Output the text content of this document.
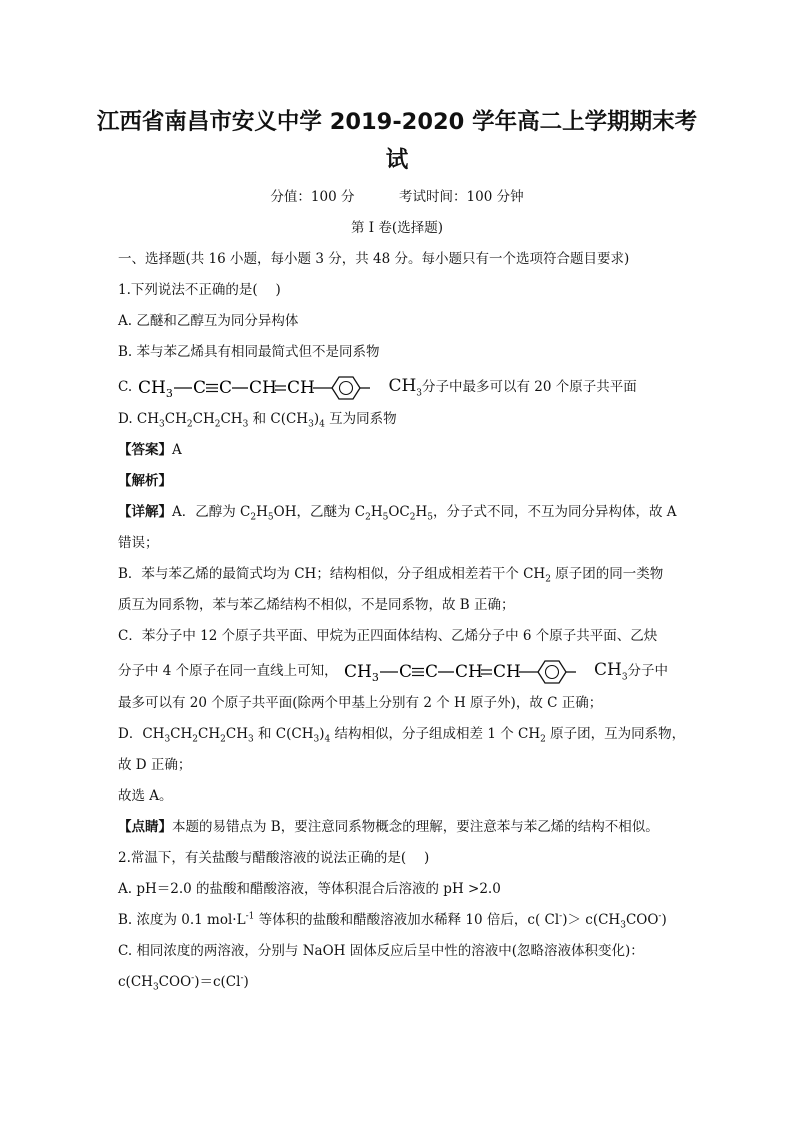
江西省南昌市安义中学 2019-2020 学年高二上学期期末考
试
分值：100 分	考试时间：100 分钟
第 I 卷(选择题)
一、选择题(共 16 小题，每小题 3 分，共 48 分。每小题只有一个选项符合题目要求)
1.下列说法不正确的是(　 )
A. 乙醚和乙醇互为同分异构体
B. 苯与苯乙烯具有相同最简式但不是同系物
C. $CH_3$ C C CH CH	$CH_3$分子中最多可以有 20 个原子共平面
D. $CH_3CH_2CH_2CH_3$ 和 $C(CH_3)_4$ 互为同系物
【答案】A
【解析】
【详解】A．乙醇为 $C_2H_5OH$，乙醚为 $C_2H_5OC_2H_5$，分子式不同，不互为同分异构体，故 A
错误；
B．苯与苯乙烯的最简式均为 CH；结构相似，分子组成相差若干个 $CH_2$ 原子团的同一类物
质互为同系物，苯与苯乙烯结构不相似，不是同系物，故 B 正确；
C．苯分子中 12 个原子共平面、甲烷为正四面体结构、乙烯分子中 6 个原子共平面、乙炔
分子中 4 个原子在同一直线上可知， $CH_3$ C C CH CH	$CH_3$分子中
最多可以有 20 个原子共平面(除两个甲基上分别有 2 个 H 原子外)，故 C 正确；
D．$CH_3CH_2CH_2CH_3$ 和 $C(CH_3)_4$ 结构相似，分子组成相差 1 个 $CH_2$ 原子团，互为同系物，
故 D 正确；
故选 A。
【点睛】本题的易错点为 B，要注意同系物概念的理解，要注意苯与苯乙烯的结构不相似。
2.常温下，有关盐酸与醋酸溶液的说法正确的是(　 )
A. pH＝2.0 的盐酸和醋酸溶液，等体积混合后溶液的 pH >2.0
B. 浓度为 0.1 $mol\cdot L^{-1}$ 等体积的盐酸和醋酸溶液加水稀释 10 倍后，c( $Cl^-)> c(CH_3COO^-)$
C. 相同浓度的两溶液，分别与 NaOH 固体反应后呈中性的溶液中(忽略溶液体积变化)：
$c(CH_3COO^-)=c(Cl^-)$
